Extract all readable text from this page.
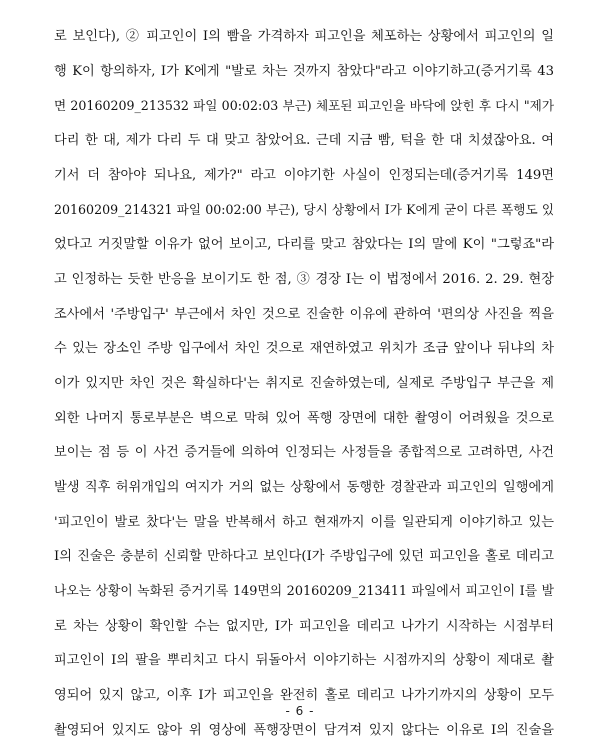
로 보인다), ② 피고인이 I의 빰을 가격하자 피고인을 체포하는 상황에서 피고인의 일
행 K이 항의하자, I가 K에게 "발로 차는 것까지 참았다"라고 이야기하고(증거기록 43
면 20160209_213532 파일 00:02:03 부근) 체포된 피고인을 바닥에 앉힌 후 다시 "제가
다리 한 대, 제가 다리 두 대 맞고 참았어요. 근데 지금 빰, 턱을 한 대 치셨잖아요. 여
기서 더 참아야 되나요, 제가?" 라고 이야기한 사실이 인정되는데(증거기록 149면
20160209_214321 파일 00:02:00 부근), 당시 상황에서 I가 K에게 굳이 다른 폭행도 있
었다고 거짓말할 이유가 없어 보이고, 다리를 맞고 참았다는 I의 말에 K이 "그렇죠"라
고 인정하는 듯한 반응을 보이기도 한 점, ③ 경장 I는 이 법정에서 2016. 2. 29. 현장
조사에서 '주방입구' 부근에서 차인 것으로 진술한 이유에 관하여 '편의상 사진을 찍을
수 있는 장소인 주방 입구에서 차인 것으로 재연하였고 위치가 조금 앞이나 뒤냐의 차
이가 있지만 차인 것은 확실하다'는 취지로 진술하였는데, 실제로 주방입구 부근을 제
외한 나머지 통로부분은 벽으로 막혀 있어 폭행 장면에 대한 촬영이 어려웠을 것으로
보이는 점 등 이 사건 증거들에 의하여 인정되는 사정들을 종합적으로 고려하면, 사건
발생 직후 허위개입의 여지가 거의 없는 상황에서 동행한 경찰관과 피고인의 일행에게
'피고인이 발로 찼다'는 말을 반복해서 하고 현재까지 이를 일관되게 이야기하고 있는
I의 진술은 충분히 신뢰할 만하다고 보인다(I가 주방입구에 있던 피고인을 홀로 데리고
나오는 상황이 녹화된 증거기록 149면의 20160209_213411 파일에서 피고인이 I를 발
로 차는 상황이 확인할 수는 없지만, I가 피고인을 데리고 나가기 시작하는 시점부터
피고인이 I의 팔을 뿌리치고 다시 뒤돌아서 이야기하는 시점까지의 상황이 제대로 촬
영되어 있지 않고, 이후 I가 피고인을 완전히 홀로 데리고 나가기까지의 상황이 모두
촬영되어 있지도 않아 위 영상에 폭행장면이 담겨져 있지 않다는 이유로 I의 진술을
- 6 -
